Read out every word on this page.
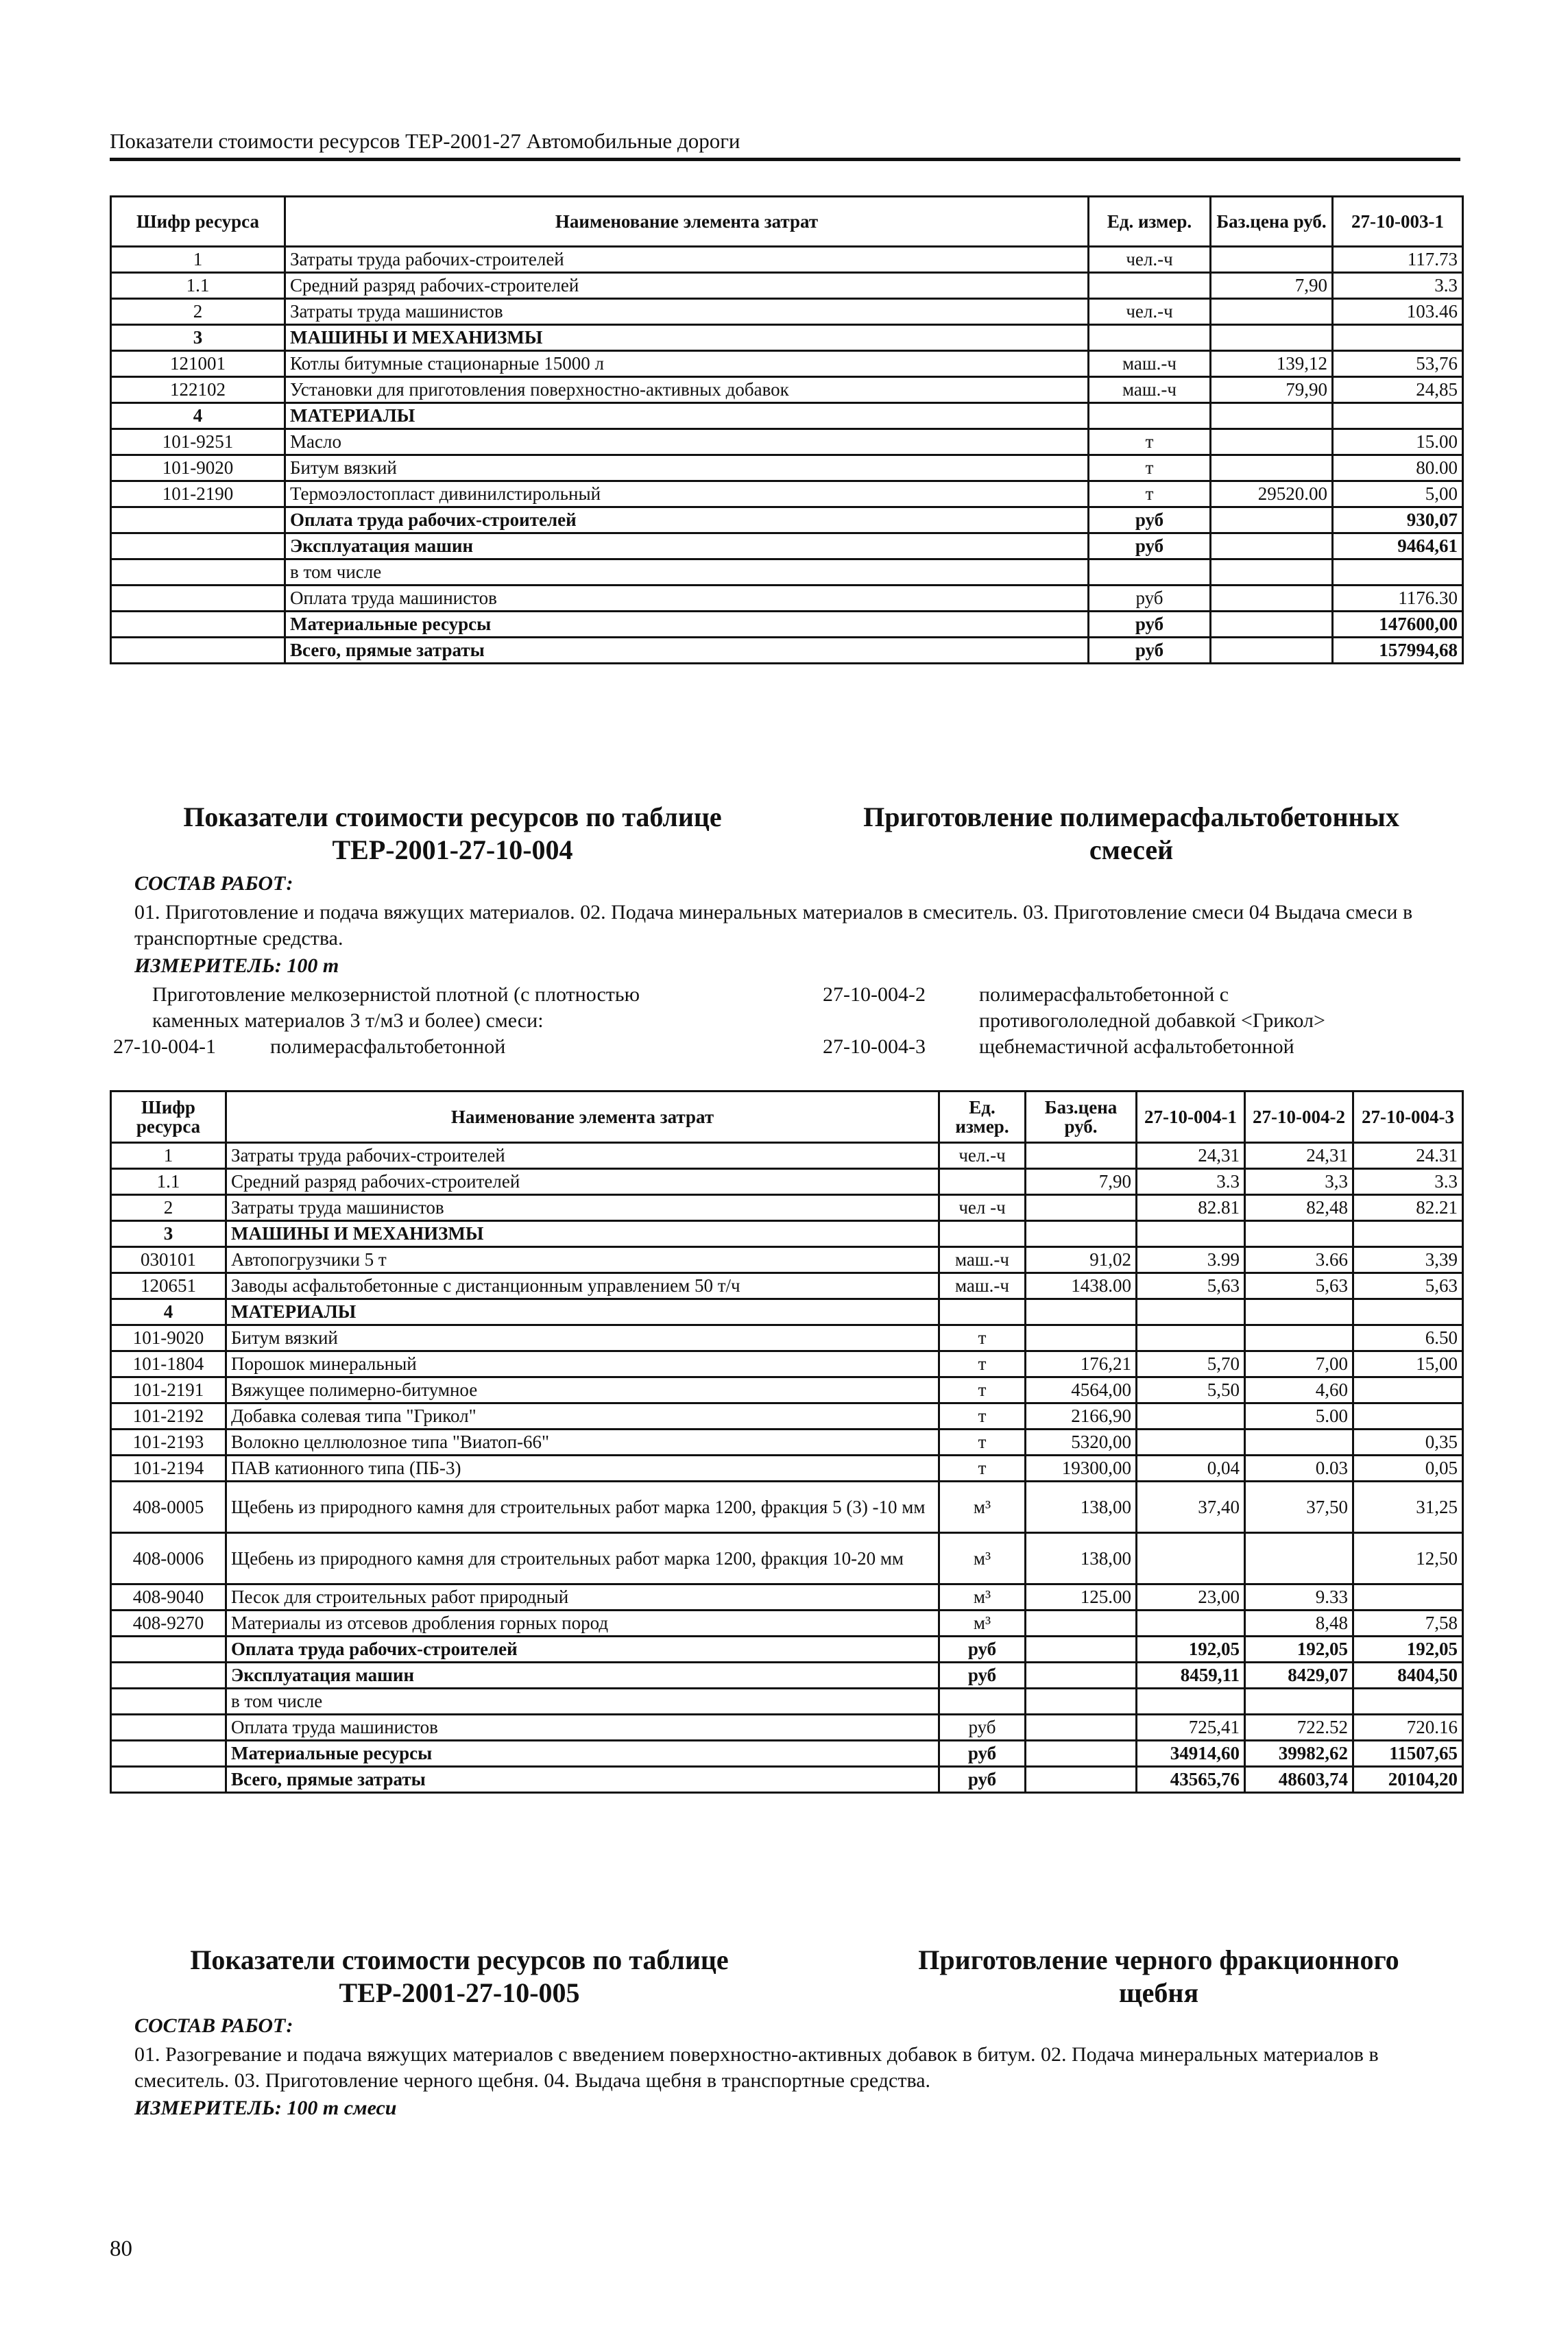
Показатели стоимости ресурсов ТЕР-2001-27 Автомобильные дороги
Шифр ресурса	Наименование элемента затрат	Ед. измер.	Баз.цена руб.	27-10-003-1
1	Затраты труда рабочих-строителей	чел.-ч		117.73
1.1	Средний разряд рабочих-строителей		7,90	3.3
2	Затраты труда машинистов	чел.-ч		103.46
3	МАШИНЫ И МЕХАНИЗМЫ			
121001	Котлы битумные стационарные 15000 л	маш.-ч	139,12	53,76
122102	Установки для приготовления поверхностно-активных добавок	маш.-ч	79,90	24,85
4	МАТЕРИАЛЫ			
101-9251	Масло	т		15.00
101-9020	Битум вязкий	т		80.00
101-2190	Термоэлостопласт дивинилстирольный	т	29520.00	5,00
	Оплата труда рабочих-строителей	руб		930,07
	Эксплуатация машин	руб		9464,61
	в том числе			
	Оплата труда машинистов	руб		1176.30
	Материальные ресурсы	руб		147600,00
	Всего, прямые затраты	руб		157994,68
Показатели стоимости ресурсов по таблице ТЕР-2001-27-10-004
Приготовление полимерасфальтобетонных смесей
СОСТАВ РАБОТ:
01. Приготовление и подача вяжущих материалов. 02. Подача минеральных материалов в смеситель. 03. Приготовление смеси 04 Выдача смеси в транспортные средства.
ИЗМЕРИТЕЛЬ: 100 т
Приготовление мелкозернистой плотной (с плотностью
каменных материалов 3 т/м3 и более) смеси:
27-10-004-1	полимерасфальтобетонной
27-10-004-2	полимерасфальтобетонной с
противогололедной добавкой <Грикол>
27-10-004-3	щебнемастичной асфальтобетонной
Шифр ресурса	Наименование элемента затрат	Ед. измер.	Баз.цена руб.	27-10-004-1	27-10-004-2	27-10-004-3
1	Затраты труда рабочих-строителей	чел.-ч		24,31	24,31	24.31
1.1	Средний разряд рабочих-строителей		7,90	3.3	3,3	3.3
2	Затраты труда машинистов	чел -ч		82.81	82,48	82.21
3	МАШИНЫ И МЕХАНИЗМЫ					
030101	Автопогрузчики 5 т	маш.-ч	91,02	3.99	3.66	3,39
120651	Заводы асфальтобетонные с дистанционным управлением 50 т/ч	маш.-ч	1438.00	5,63	5,63	5,63
4	МАТЕРИАЛЫ					
101-9020	Битум вязкий	т				6.50
101-1804	Порошок минеральный	т	176,21	5,70	7,00	15,00
101-2191	Вяжущее полимерно-битумное	т	4564,00	5,50	4,60	
101-2192	Добавка солевая типа "Грикол"	т	2166,90		5.00	
101-2193	Волокно целлюлозное типа "Виатоп-66"	т	5320,00			0,35
101-2194	ПАВ катионного типа (ПБ-3)	т	19300,00	0,04	0.03	0,05
408-0005	Щебень из природного камня для строительных работ марка 1200, фракция 5 (3) -10 мм	м³	138,00	37,40	37,50	31,25
408-0006	Щебень из природного камня для строительных работ марка 1200, фракция 10-20 мм	м³	138,00			12,50
408-9040	Песок для строительных работ природный	м³	125.00	23,00	9.33	
408-9270	Материалы из отсевов дробления горных пород	м³			8,48	7,58
	Оплата труда рабочих-строителей	руб		192,05	192,05	192,05
	Эксплуатация машин	руб		8459,11	8429,07	8404,50
	в том числе					
	Оплата труда машинистов	руб		725,41	722.52	720.16
	Материальные ресурсы	руб		34914,60	39982,62	11507,65
	Всего, прямые затраты	руб		43565,76	48603,74	20104,20
Показатели стоимости ресурсов по таблице ТЕР-2001-27-10-005
Приготовление черного фракционного щебня
СОСТАВ РАБОТ:
01. Разогревание и подача вяжущих материалов с введением поверхностно-активных добавок в битум. 02. Подача минеральных материалов в смеситель. 03. Приготовление черного щебня. 04. Выдача щебня в транспортные средства.
ИЗМЕРИТЕЛЬ: 100 т смеси
80
